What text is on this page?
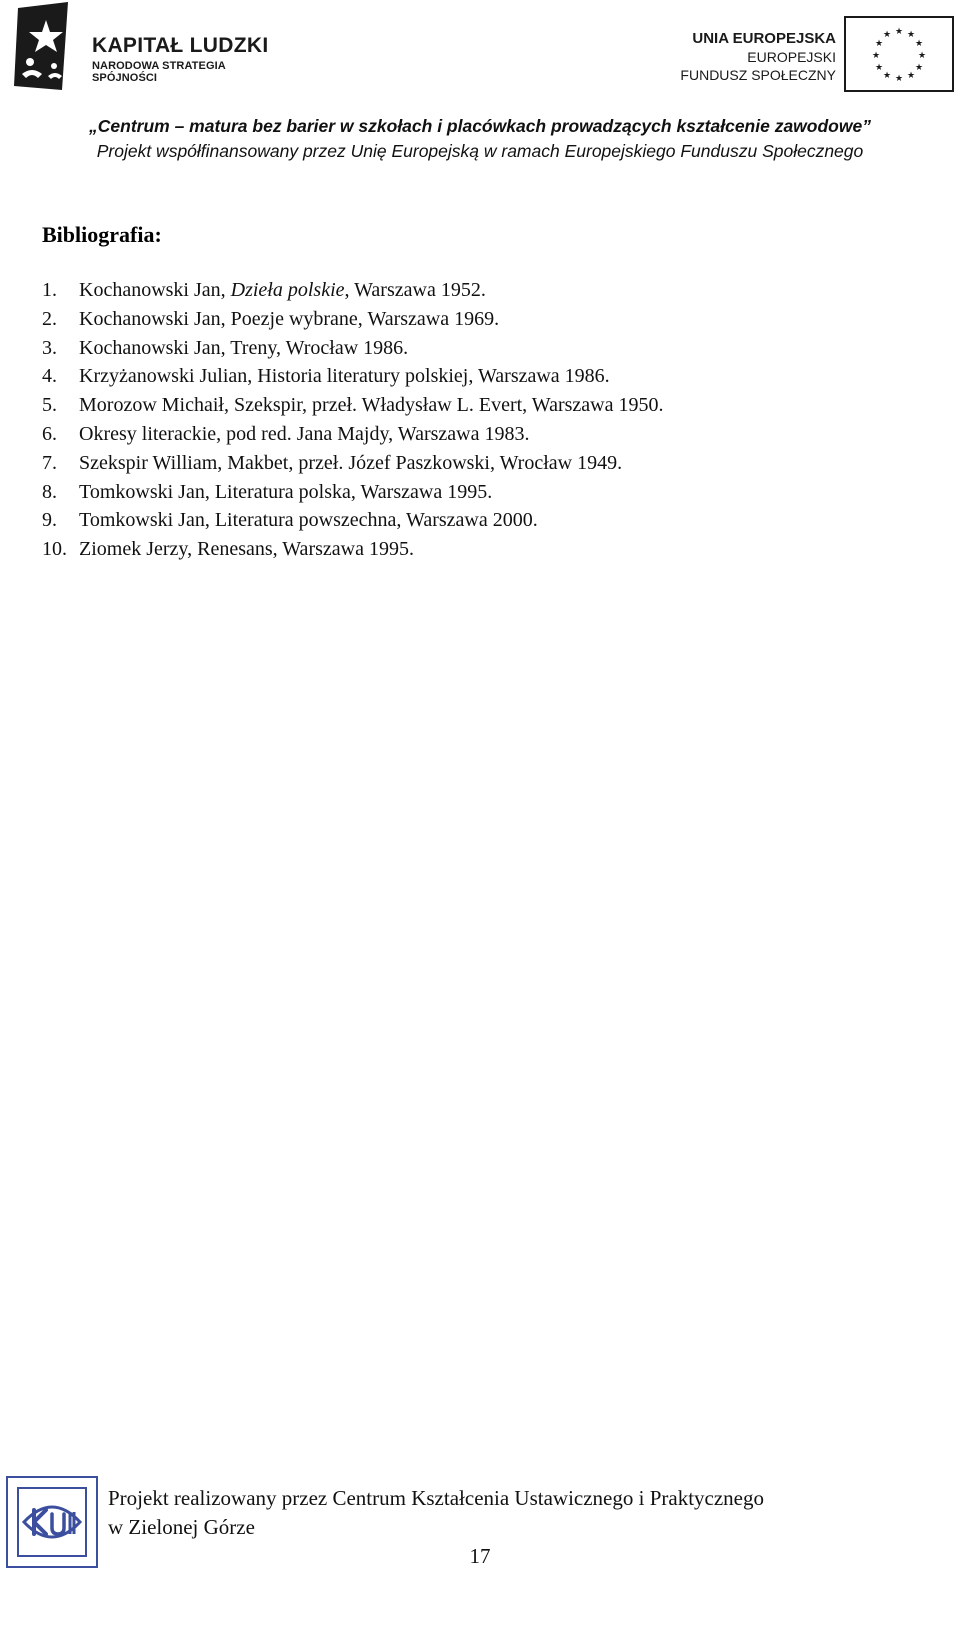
KAPITAŁ LUDZKI
NARODOWA STRATEGIA SPÓJNOŚCI
UNIA EUROPEJSKA
EUROPEJSKI
FUNDUSZ SPOŁECZNY
★ ★
★
★
★
★
★
★
★
★
★
★
„Centrum – matura bez barier w szkołach i placówkach prowadzących kształcenie zawodowe”
Projekt współfinansowany przez Unię Europejską w ramach Europejskiego Funduszu Społecznego
Bibliografia:
1. Kochanowski Jan, Dzieła polskie, Warszawa 1952.
2. Kochanowski Jan, Poezje wybrane, Warszawa 1969.
3. Kochanowski Jan, Treny, Wrocław 1986.
4. Krzyżanowski Julian, Historia literatury polskiej, Warszawa 1986.
5. Morozow Michaił, Szekspir, przeł. Władysław L. Evert, Warszawa 1950.
6. Okresy literackie, pod red. Jana Majdy, Warszawa 1983.
7. Szekspir William, Makbet, przeł. Józef Paszkowski, Wrocław 1949.
8. Tomkowski Jan, Literatura polska, Warszawa 1995.
9. Tomkowski Jan, Literatura powszechna, Warszawa 2000.
10. Ziomek Jerzy, Renesans, Warszawa 1995.
Projekt realizowany przez Centrum Kształcenia Ustawicznego i Praktycznego
w Zielonej Górze
17
